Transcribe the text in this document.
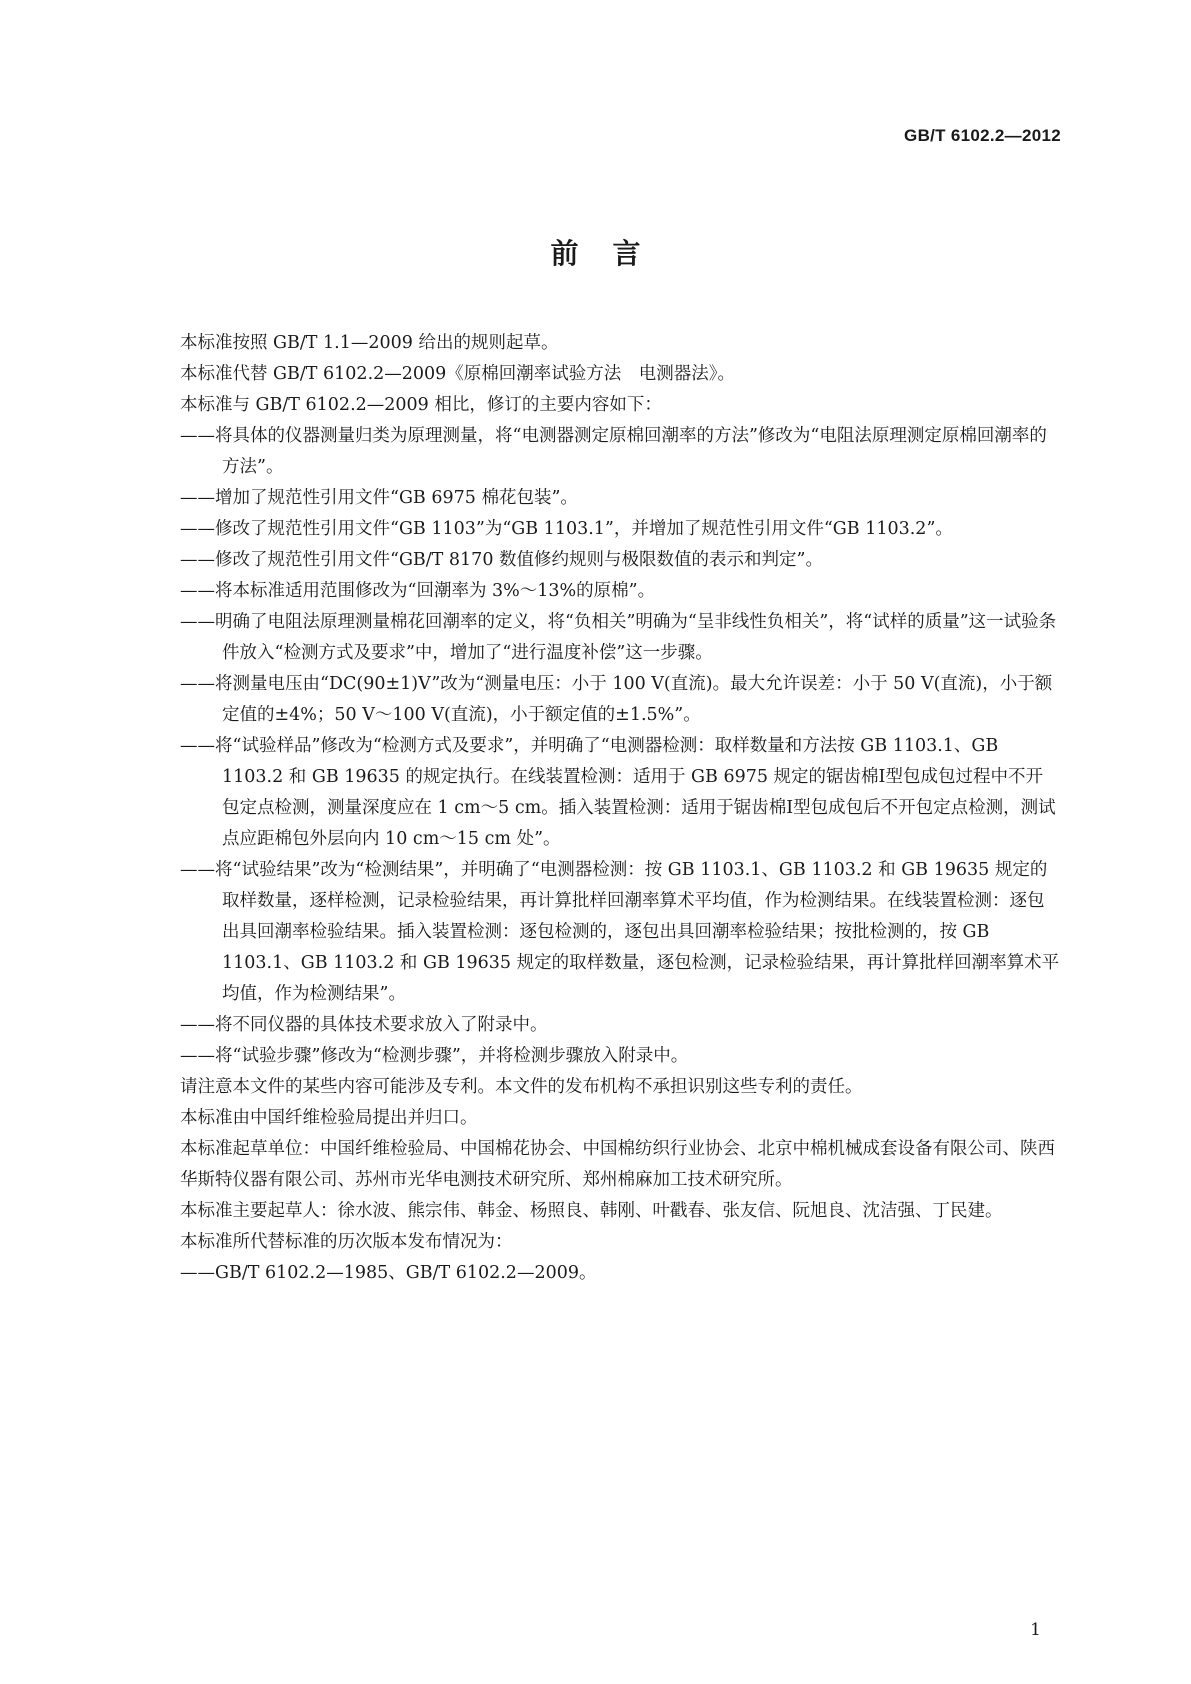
GB/T 6102.2—2012
前言

本标准按照 GB/T 1.1—2009 给出的规则起草。

本标准代替 GB/T 6102.2—2009《原棉回潮率试验方法　电测器法》。

本标准与 GB/T 6102.2—2009 相比，修订的主要内容如下：

——将具体的仪器测量归类为原理测量，将“电测器测定原棉回潮率的方法”修改为“电阻法原理测定原棉回潮率的方法”。

——增加了规范性引用文件“GB 6975 棉花包装”。

——修改了规范性引用文件“GB 1103”为“GB 1103.1”，并增加了规范性引用文件“GB 1103.2”。

——修改了规范性引用文件“GB/T 8170 数值修约规则与极限数值的表示和判定”。

——将本标准适用范围修改为“回潮率为 3%～13%的原棉”。

——明确了电阻法原理测量棉花回潮率的定义，将“负相关”明确为“呈非线性负相关”，将“试样的质量”这一试验条件放入“检测方式及要求”中，增加了“进行温度补偿”这一步骤。

——将测量电压由“DC(90±1)V”改为“测量电压：小于 100 V(直流)。最大允许误差：小于 50 V(直流)，小于额定值的±4%；50 V～100 V(直流)，小于额定值的±1.5%”。

——将“试验样品”修改为“检测方式及要求”，并明确了“电测器检测：取样数量和方法按 GB 1103.1、GB 1103.2 和 GB 19635 的规定执行。在线装置检测：适用于 GB 6975 规定的锯齿棉Ⅰ型包成包过程中不开包定点检测，测量深度应在 1 cm～5 cm。插入装置检测：适用于锯齿棉Ⅰ型包成包后不开包定点检测，测试点应距棉包外层向内 10 cm～15 cm 处”。

——将“试验结果”改为“检测结果”，并明确了“电测器检测：按 GB 1103.1、GB 1103.2 和 GB 19635 规定的取样数量，逐样检测，记录检验结果，再计算批样回潮率算术平均值，作为检测结果。在线装置检测：逐包出具回潮率检验结果。插入装置检测：逐包检测的，逐包出具回潮率检验结果；按批检测的，按 GB 1103.1、GB 1103.2 和 GB 19635 规定的取样数量，逐包检测，记录检验结果，再计算批样回潮率算术平均值，作为检测结果”。

——将不同仪器的具体技术要求放入了附录中。

——将“试验步骤”修改为“检测步骤”，并将检测步骤放入附录中。

请注意本文件的某些内容可能涉及专利。本文件的发布机构不承担识别这些专利的责任。

本标准由中国纤维检验局提出并归口。

本标准起草单位：中国纤维检验局、中国棉花协会、中国棉纺织行业协会、北京中棉机械成套设备有限公司、陕西华斯特仪器有限公司、苏州市光华电测技术研究所、郑州棉麻加工技术研究所。

本标准主要起草人：徐水波、熊宗伟、韩金、杨照良、韩刚、叶戳春、张友信、阮旭良、沈洁强、丁民建。

本标准所代替标准的历次版本发布情况为：

——GB/T 6102.2—1985、GB/T 6102.2—2009。

1
